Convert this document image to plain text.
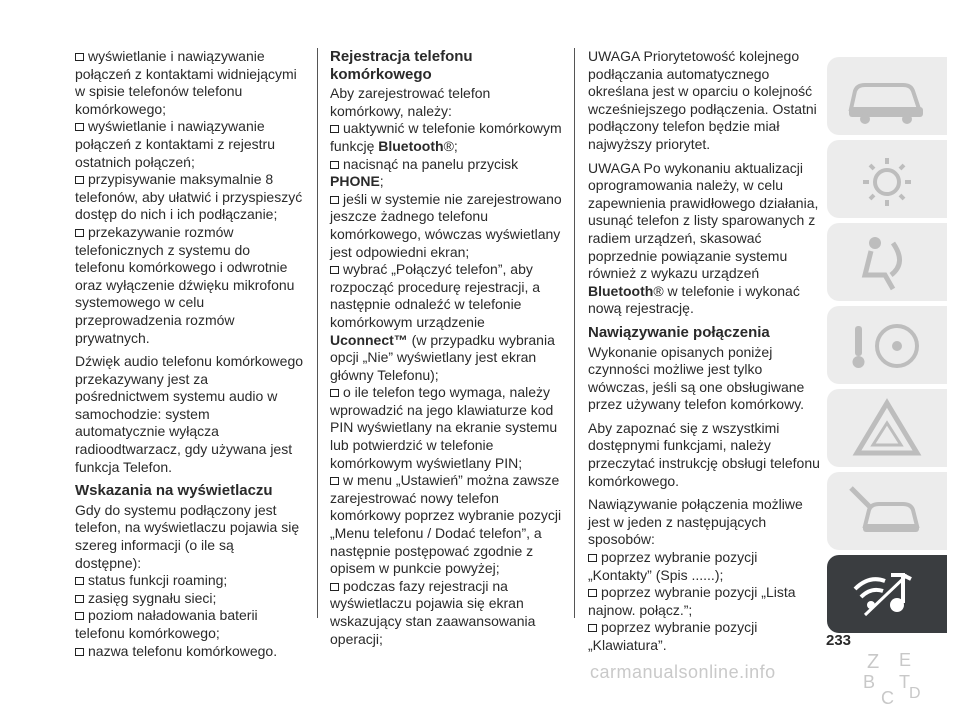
wyświetlanie i nawiązywanie połączeń z kontaktami widniejącymi w spisie telefonów telefonu komórkowego;

wyświetlanie i nawiązywanie połączeń z kontaktami z rejestru ostatnich połączeń;

przypisywanie maksymalnie 8 telefonów, aby ułatwić i przyspieszyć dostęp do nich i ich podłączanie;

przekazywanie rozmów telefonicznych z systemu do telefonu komórkowego i odwrotnie oraz wyłączenie dźwięku mikrofonu systemowego w celu przeprowadzenia rozmów prywatnych.

Dźwięk audio telefonu komórkowego przekazywany jest za pośrednictwem systemu audio w samochodzie: system automatycznie wyłącza radioodtwarzacz, gdy używana jest funkcja Telefon.

Wskazania na wyświetlaczu

Gdy do systemu podłączony jest telefon, na wyświetlaczu pojawia się szereg informacji (o ile są dostępne):

status funkcji roaming;

zasięg sygnału sieci;

poziom naładowania baterii telefonu komórkowego;

nazwa telefonu komórkowego.

Rejestracja telefonu komórkowego

Aby zarejestrować telefon komórkowy, należy:

uaktywnić w telefonie komórkowym funkcję Bluetooth®;

nacisnąć na panelu przycisk PHONE;

jeśli w systemie nie zarejestrowano jeszcze żadnego telefonu komórkowego, wówczas wyświetlany jest odpowiedni ekran;

wybrać „Połączyć telefon”, aby rozpocząć procedurę rejestracji, a następnie odnaleźć w telefonie komórkowym urządzenie Uconnect™ (w przypadku wybrania opcji „Nie” wyświetlany jest ekran główny Telefonu);

o ile telefon tego wymaga, należy wprowadzić na jego klawiaturze kod PIN wyświetlany na ekranie systemu lub potwierdzić w telefonie komórkowym wyświetlany PIN;

w menu „Ustawień” można zawsze zarejestrować nowy telefon komórkowy poprzez wybranie pozycji „Menu telefonu / Dodać telefon”, a następnie postępować zgodnie z opisem w punkcie powyżej;

podczas fazy rejestracji na wyświetlaczu pojawia się ekran wskazujący stan zaawansowania operacji;

UWAGA Priorytetowość kolejnego podłączania automatycznego określana jest w oparciu o kolejność wcześniejszego podłączenia. Ostatni podłączony telefon będzie miał najwyższy priorytet.

UWAGA Po wykonaniu aktualizacji oprogramowania należy, w celu zapewnienia prawidłowego działania, usunąć telefon z listy sparowanych z radiem urządzeń, skasować poprzednie powiązanie systemu również z wykazu urządzeń Bluetooth® w telefonie i wykonać nową rejestrację.

Nawiązywanie połączenia

Wykonanie opisanych poniżej czynności możliwe jest tylko wówczas, jeśli są one obsługiwane przez używany telefon komórkowy.

Aby zapoznać się z wszystkimi dostępnymi funkcjami, należy przeczytać instrukcję obsługi telefonu komórkowego.

Nawiązywanie połączenia możliwe jest w jeden z następujących sposobów:

poprzez wybranie pozycji „Kontakty” (Spis ......);

poprzez wybranie pozycji „Lista najnow. połącz.”;

poprzez wybranie pozycji „Klawiatura”.

Z E
B
C
T
D
233
carmanualsonline.info
